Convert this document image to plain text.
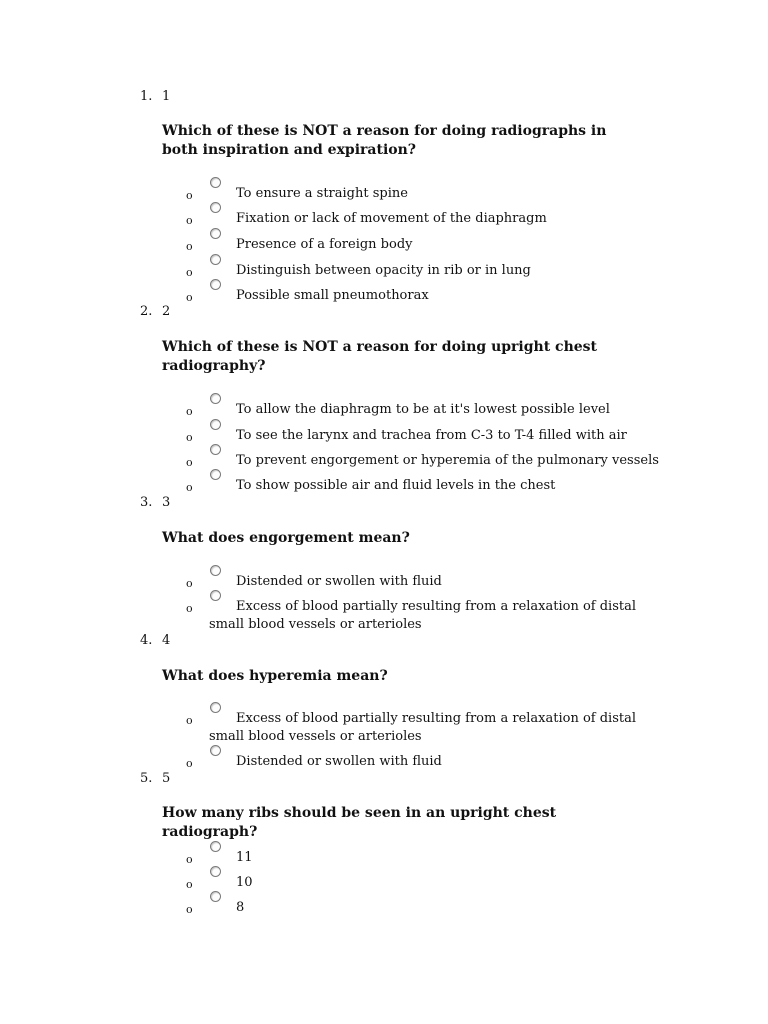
1. 1
Which of these is NOT a reason for doing radiographs in both inspiration and expiration?
o	To ensure a straight spine
o	Fixation or lack of movement of the diaphragm
o	Presence of a foreign body
o	Distinguish between opacity in rib or in lung
o	Possible small pneumothorax
2. 2
Which of these is NOT a reason for doing upright chest radiography?
o	To allow the diaphragm to be at it's lowest possible level
o	To see the larynx and trachea from C-3 to T-4 filled with air
o	To prevent engorgement or hyperemia of the pulmonary vessels
o	To show possible air and fluid levels in the chest
3. 3
What does engorgement mean?
o	Distended or swollen with fluid
o	Excess of blood partially resulting from a relaxation of distal small blood vessels or arterioles
4. 4
What does hyperemia mean?
o	Excess of blood partially resulting from a relaxation of distal small blood vessels or arterioles
o	Distended or swollen with fluid
5. 5
How many ribs should be seen in an upright chest radiograph?
o	11
o	10
o	8
